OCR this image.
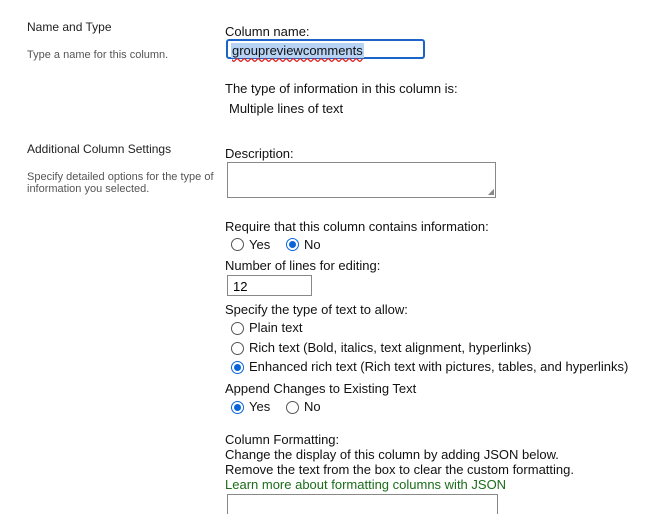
Name and Type
Type a name for this column.
Additional Column Settings
Specify detailed options for the type of
information you selected.
Column name:
groupreviewcomments
The type of information in this column is:
Multiple lines of text
Description:
◢
Require that this column contains information:
Yes	No
Number of lines for editing:
12
Specify the type of text to allow:
Plain text
Rich text (Bold, italics, text alignment, hyperlinks)
Enhanced rich text (Rich text with pictures, tables, and hyperlinks)
Append Changes to Existing Text
Yes	No
Column Formatting:
Change the display of this column by adding JSON below.
Remove the text from the box to clear the custom formatting.
Learn more about formatting columns with JSON
